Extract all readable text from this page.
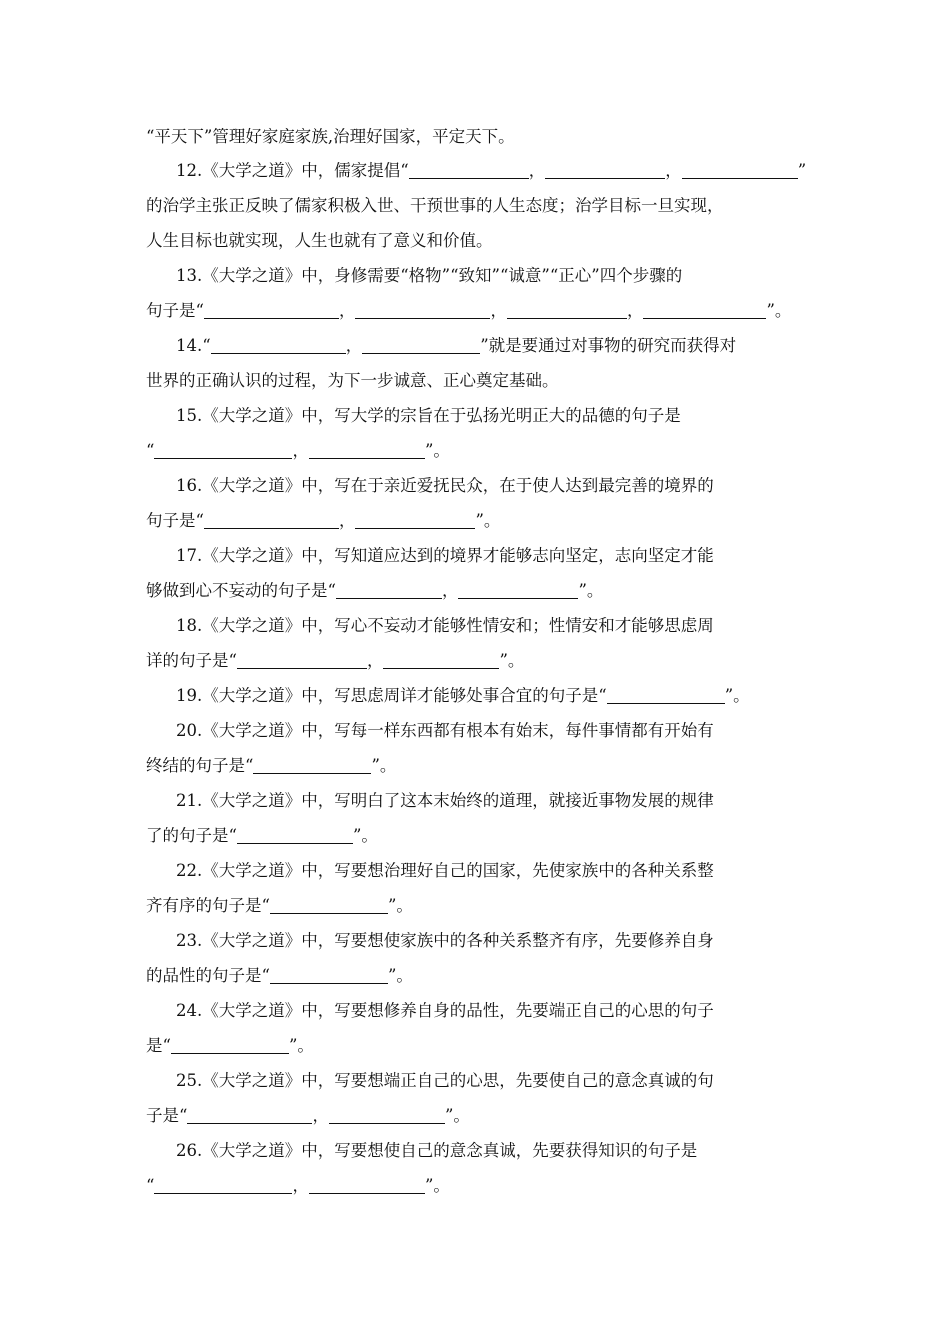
“平天下”管理好家庭家族,治理好国家，平定天下。
12.《大学之道》中，儒家提倡“	，	，	”
的治学主张正反映了儒家积极入世、干预世事的人生态度；治学目标一旦实现，
人生目标也就实现，人生也就有了意义和价值。
13.《大学之道》中，身修需要“格物”“致知”“诚意”“正心”四个步骤的
句子是“	，	，	，	”。
14.“	，	”就是要通过对事物的研究而获得对
世界的正确认识的过程，为下一步诚意、正心奠定基础。
15.《大学之道》中，写大学的宗旨在于弘扬光明正大的品德的句子是
“	，	”。
16.《大学之道》中，写在于亲近爱抚民众，在于使人达到最完善的境界的
句子是“	，	”。
17.《大学之道》中，写知道应达到的境界才能够志向坚定，志向坚定才能
够做到心不妄动的句子是“	，	”。
18.《大学之道》中，写心不妄动才能够性情安和；性情安和才能够思虑周
详的句子是“	，	”。
19.《大学之道》中，写思虑周详才能够处事合宜的句子是“	”。
20.《大学之道》中，写每一样东西都有根本有始末，每件事情都有开始有
终结的句子是“	”。
21.《大学之道》中，写明白了这本末始终的道理，就接近事物发展的规律
了的句子是“	”。
22.《大学之道》中，写要想治理好自己的国家，先使家族中的各种关系整
齐有序的句子是“	”。
23.《大学之道》中，写要想使家族中的各种关系整齐有序，先要修养自身
的品性的句子是“	”。
24.《大学之道》中，写要想修养自身的品性，先要端正自己的心思的句子
是“	”。
25.《大学之道》中，写要想端正自己的心思，先要使自己的意念真诚的句
子是“	，	”。
26.《大学之道》中，写要想使自己的意念真诚，先要获得知识的句子是
“	，	”。
